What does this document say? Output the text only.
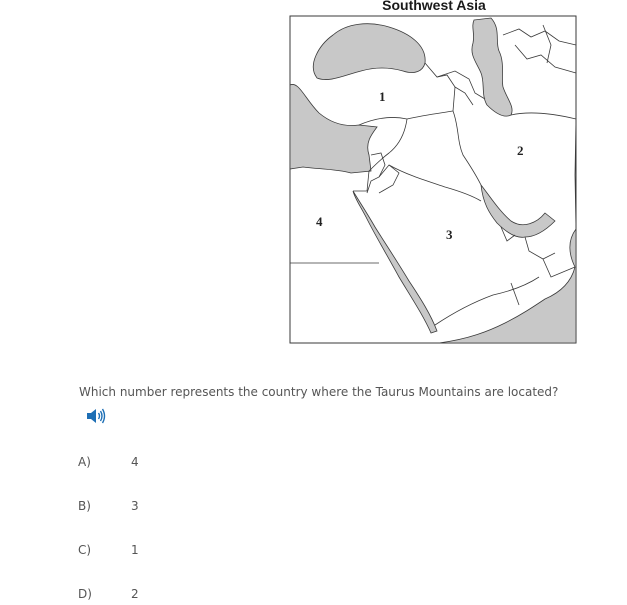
Southwest Asia
1
2
3
4
Which number represents the country where the Taurus Mountains are located?
A)	4
B)	3
C)	1
D)	2
